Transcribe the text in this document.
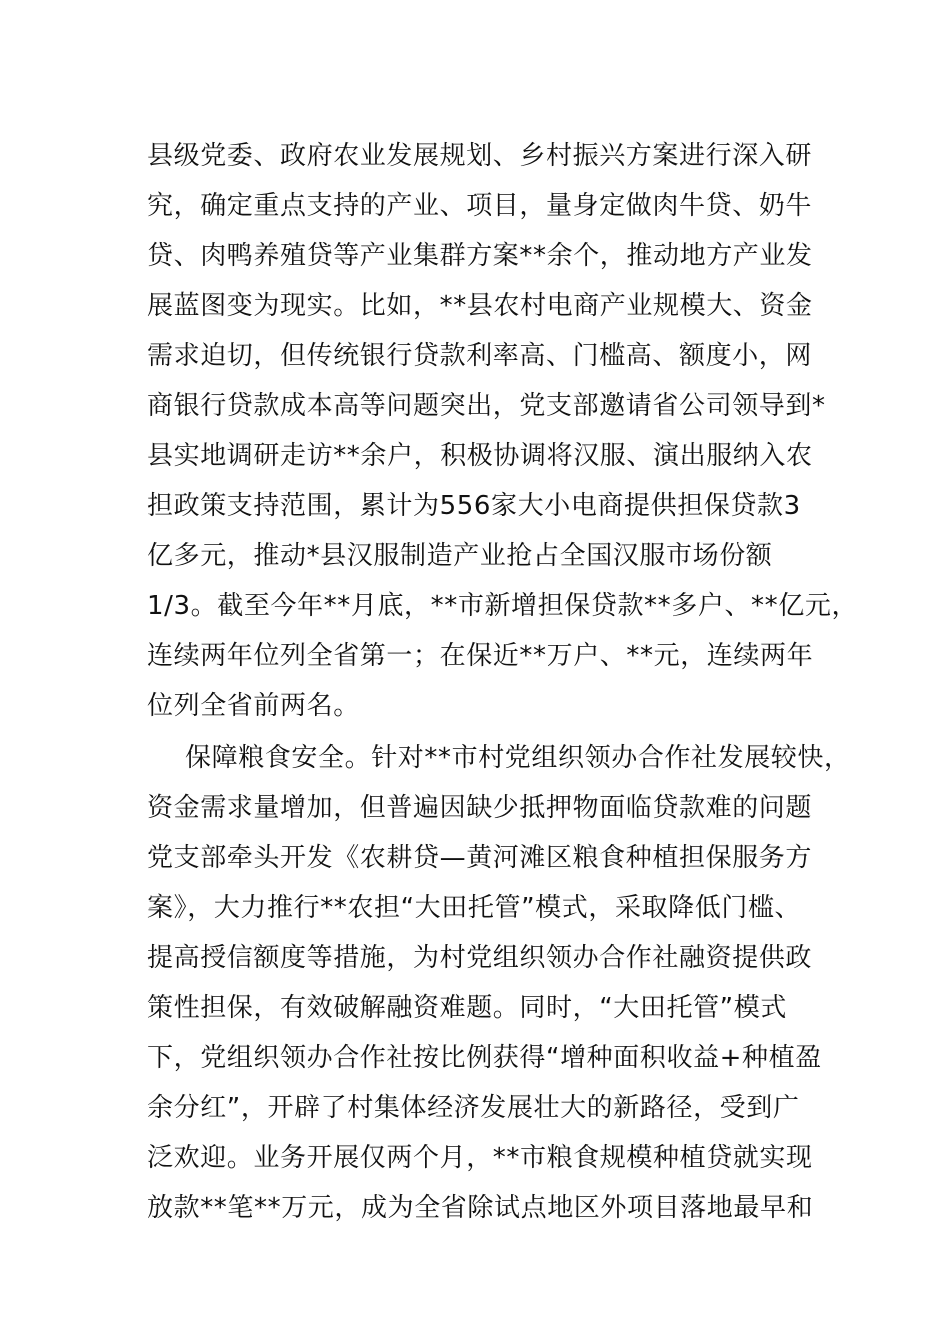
县级党委、政府农业发展规划、乡村振兴方案进行深入研
究，确定重点支持的产业、项目，量身定做肉牛贷、奶牛
贷、肉鸭养殖贷等产业集群方案**余个，推动地方产业发
展蓝图变为现实。比如，**县农村电商产业规模大、资金
需求迫切，但传统银行贷款利率高、门槛高、额度小，网
商银行贷款成本高等问题突出，党支部邀请省公司领导到*
县实地调研走访**余户，积极协调将汉服、演出服纳入农
担政策支持范围，累计为556家大小电商提供担保贷款3
亿多元，推动*县汉服制造产业抢占全国汉服市场份额
1/3。截至今年**月底，**市新增担保贷款**多户、**亿元，
连续两年位列全省第一；在保近**万户、**元，连续两年
位列全省前两名。
保障粮食安全。针对**市村党组织领办合作社发展较快，
资金需求量增加，但普遍因缺少抵押物面临贷款难的问题
党支部牵头开发《农耕贷—黄河滩区粮食种植担保服务方
案》，大力推行**农担“大田托管”模式，采取降低门槛、
提高授信额度等措施，为村党组织领办合作社融资提供政
策性担保，有效破解融资难题。同时，“大田托管”模式
下，党组织领办合作社按比例获得“增种面积收益+种植盈
余分红”，开辟了村集体经济发展壮大的新路径，受到广
泛欢迎。业务开展仅两个月，**市粮食规模种植贷就实现
放款**笔**万元，成为全省除试点地区外项目落地最早和
